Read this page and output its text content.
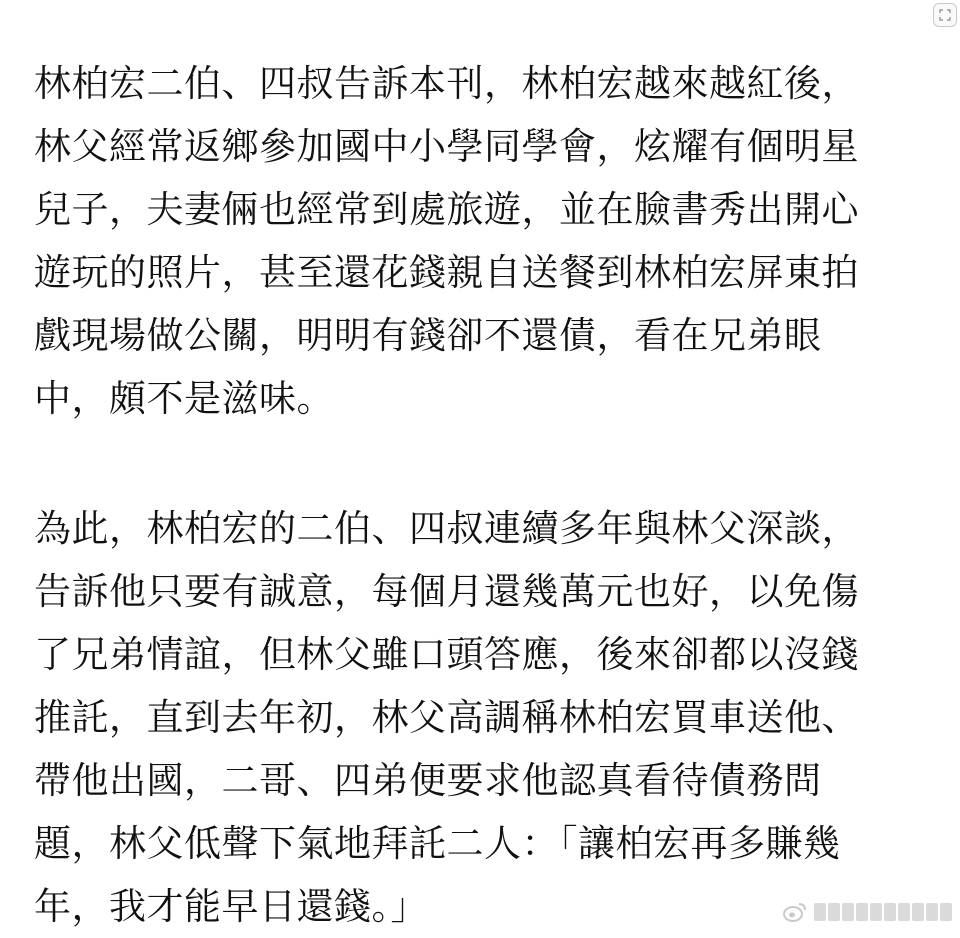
林柏宏二伯、四叔告訴本刊，林柏宏越來越紅後，
林父經常返鄉參加國中小學同學會，炫耀有個明星
兒子，夫妻倆也經常到處旅遊，並在臉書秀出開心
遊玩的照片，甚至還花錢親自送餐到林柏宏屏東拍
戲現場做公關，明明有錢卻不還債，看在兄弟眼
中，頗不是滋味。
為此，林柏宏的二伯、四叔連續多年與林父深談，
告訴他只要有誠意，每個月還幾萬元也好，以免傷
了兄弟情誼，但林父雖口頭答應，後來卻都以沒錢
推託，直到去年初，林父高調稱林柏宏買車送他、
帶他出國，二哥、四弟便要求他認真看待債務問
題，林父低聲下氣地拜託二人：「讓柏宏再多賺幾
年，我才能早日還錢。」
